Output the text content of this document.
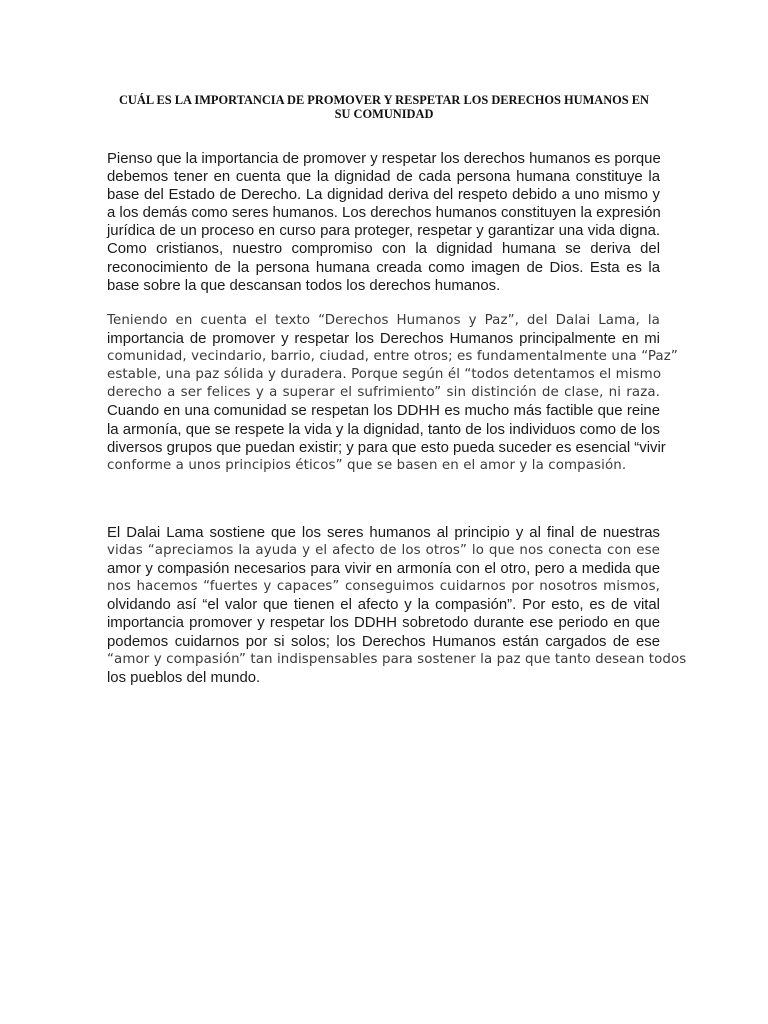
CUÁL ES LA IMPORTANCIA DE PROMOVER Y RESPETAR LOS DERECHOS HUMANOS EN
SU COMUNIDAD

Pienso que la importancia de promover y respetar los derechos humanos es porque
debemos tener en cuenta que la dignidad de cada persona humana constituye la
base del Estado de Derecho. La dignidad deriva del respeto debido a uno mismo y
a los demás como seres humanos. Los derechos humanos constituyen la expresión
jurídica de un proceso en curso para proteger, respetar y garantizar una vida digna.
Como cristianos, nuestro compromiso con la dignidad humana se deriva del
reconocimiento de la persona humana creada como imagen de Dios. Esta es la
base sobre la que descansan todos los derechos humanos.

Teniendo en cuenta el texto “Derechos Humanos y Paz”, del Dalai Lama, la
importancia de promover y respetar los Derechos Humanos principalmente en mi
comunidad, vecindario, barrio, ciudad, entre otros; es fundamentalmente una “Paz”
estable, una paz sólida y duradera. Porque según él “todos detentamos el mismo
derecho a ser felices y a superar el sufrimiento” sin distinción de clase, ni raza.
Cuando en una comunidad se respetan los DDHH es mucho más factible que reine
la armonía, que se respete la vida y la dignidad, tanto de los individuos como de los
diversos grupos que puedan existir; y para que esto pueda suceder es esencial “vivir
conforme a unos principios éticos” que se basen en el amor y la compasión.

El Dalai Lama sostiene que los seres humanos al principio y al final de nuestras
vidas “apreciamos la ayuda y el afecto de los otros” lo que nos conecta con ese
amor y compasión necesarios para vivir en armonía con el otro, pero a medida que
nos hacemos “fuertes y capaces” conseguimos cuidarnos por nosotros mismos,
olvidando así “el valor que tienen el afecto y la compasión”. Por esto, es de vital
importancia promover y respetar los DDHH sobretodo durante ese periodo en que
podemos cuidarnos por si solos; los Derechos Humanos están cargados de ese
“amor y compasión” tan indispensables para sostener la paz que tanto desean todos
los pueblos del mundo.
